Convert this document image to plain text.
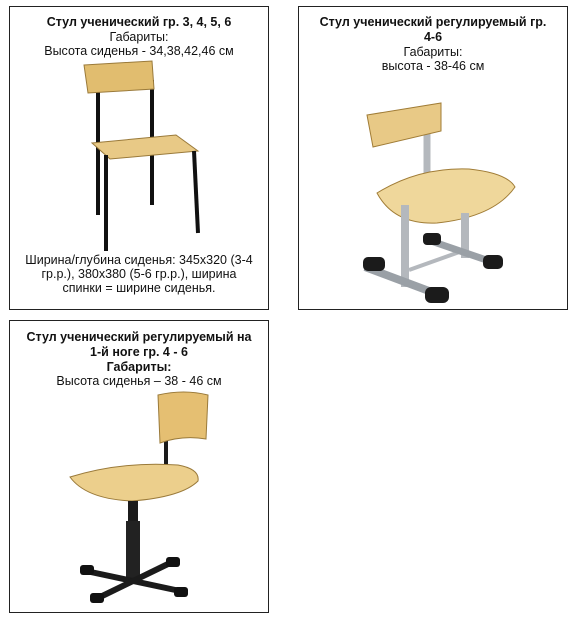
Стул ученический гр. 3, 4, 5, 6
Габариты:
Высота сиденья - 34,38,42,46 см
Ширина/глубина сиденья: 345x320 (3-4
гр.р.), 380x380 (5-6 гр.р.), ширина
спинки = ширине сиденья.
Стул ученический регулируемый гр.
4-6
Габариты:
высота - 38-46 см
Стул ученический регулируемый на
1-й ноге гр. 4 - 6
Габариты:
Высота сиденья – 38 - 46 см
